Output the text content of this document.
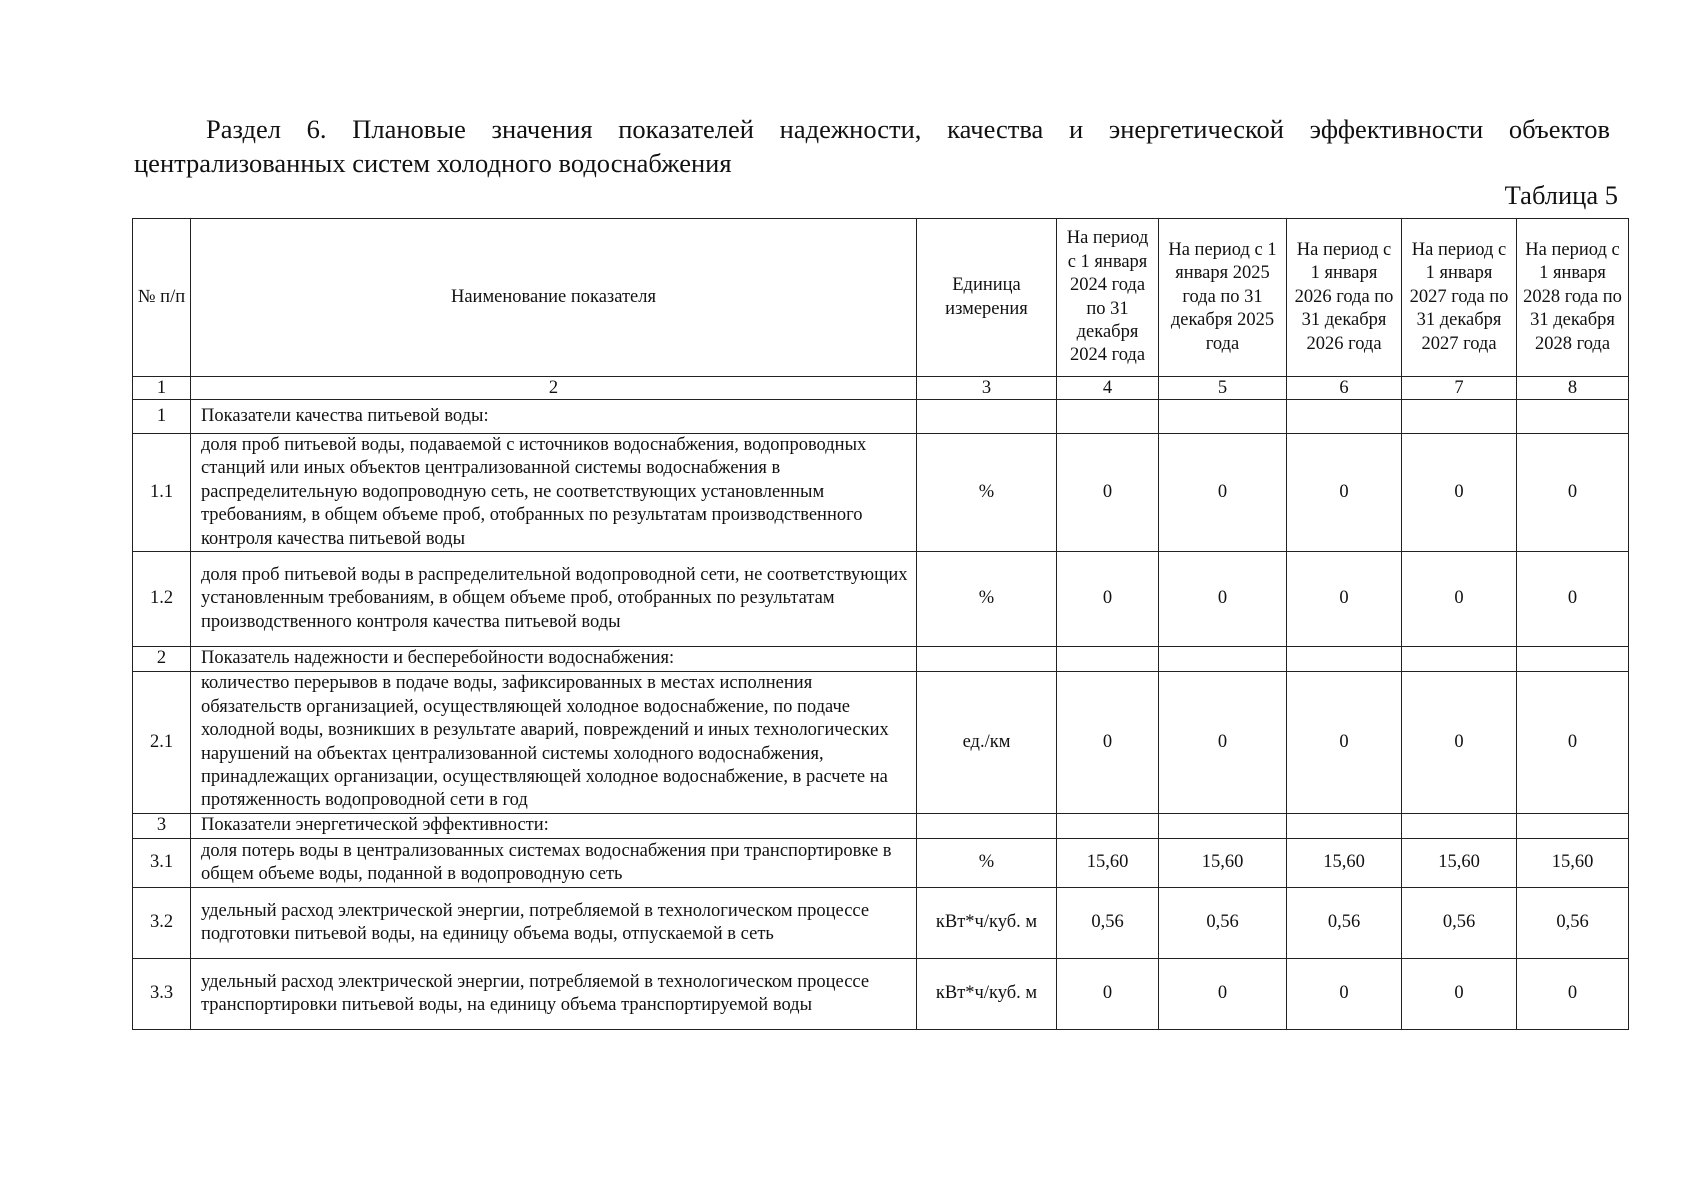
Раздел 6. Плановые значения показателей надежности, качества и энергетической эффективности объектов централизованных систем холодного водоснабжения
Таблица 5
№ п/п	Наименование показателя	Единица измерения	На период с 1 января 2024 года по 31 декабря 2024 года	На период с 1 января 2025 года по 31 декабря 2025 года	На период с 1 января 2026 года по 31 декабря 2026 года	На период с 1 января 2027 года по 31 декабря 2027 года	На период с 1 января 2028 года по 31 декабря 2028 года
1	2	3	4	5	6	7	8
1	Показатели качества питьевой воды:						
1.1	доля проб питьевой воды, подаваемой с источников водоснабжения, водопроводных станций или иных объектов централизованной системы водоснабжения в распределительную водопроводную сеть, не соответствующих установленным требованиям, в общем объеме проб, отобранных по результатам производственного контроля качества питьевой воды	%	0	0	0	0	0
1.2	доля проб питьевой воды в распределительной водопроводной сети, не соответствующих установленным требованиям, в общем объеме проб, отобранных по результатам производственного контроля качества питьевой воды	%	0	0	0	0	0
2	Показатель надежности и бесперебойности водоснабжения:						
2.1	количество перерывов в подаче воды, зафиксированных в местах исполнения обязательств организацией, осуществляющей холодное водоснабжение, по подаче холодной воды, возникших в результате аварий, повреждений и иных технологических нарушений на объектах централизованной системы холодного водоснабжения, принадлежащих организации, осуществляющей холодное водоснабжение, в расчете на протяженность водопроводной сети в год	ед./км	0	0	0	0	0
3	Показатели энергетической эффективности:						
3.1	доля потерь воды в централизованных системах водоснабжения при транспортировке в общем объеме воды, поданной в водопроводную сеть	%	15,60	15,60	15,60	15,60	15,60
3.2	удельный расход электрической энергии, потребляемой в технологическом процессе подготовки питьевой воды, на единицу объема воды, отпускаемой в сеть	кВт*ч/куб. м	0,56	0,56	0,56	0,56	0,56
3.3	удельный расход электрической энергии, потребляемой в технологическом процессе транспортировки питьевой воды, на единицу объема транспортируемой воды	кВт*ч/куб. м	0	0	0	0	0
